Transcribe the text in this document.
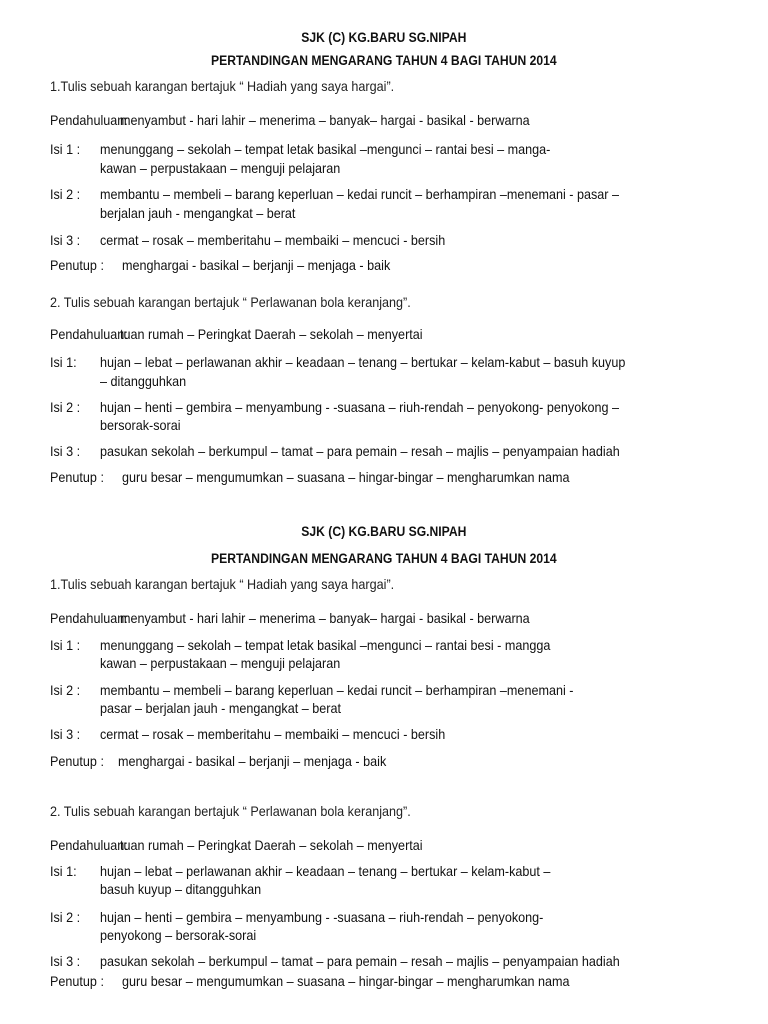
SJK (C) KG.BARU SG.NIPAH
PERTANDINGAN MENGARANG TAHUN 4 BAGI TAHUN 2014
1.Tulis sebuah karangan bertajuk “ Hadiah yang saya hargai”.
Pendahuluan:
menyambut - hari lahir – menerima – banyak– hargai - basikal - berwarna
Isi 1 : menunggang – sekolah – tempat letak basikal –mengunci – rantai besi – manga-
kawan – perpustakaan – menguji pelajaran
Isi 2 : membantu – membeli – barang keperluan – kedai runcit – berhampiran –menemani - pasar –
berjalan jauh - mengangkat – berat
Isi 3 : cermat – rosak – memberitahu – membaiki – mencuci - bersih
Penutup : menghargai - basikal – berjanji – menjaga - baik
2. Tulis sebuah karangan bertajuk “ Perlawanan bola keranjang”.
Pendahuluan:
tuan rumah – Peringkat Daerah – sekolah – menyertai
Isi 1: hujan – lebat – perlawanan akhir – keadaan – tenang – bertukar – kelam-kabut – basuh kuyup
– ditangguhkan
Isi 2 : hujan – henti – gembira – menyambung - -suasana – riuh-rendah – penyokong- penyokong –
bersorak-sorai
Isi 3 : pasukan sekolah – berkumpul – tamat – para pemain – resah – majlis – penyampaian hadiah
Penutup : guru besar – mengumumkan – suasana – hingar-bingar – mengharumkan nama
SJK (C) KG.BARU SG.NIPAH
PERTANDINGAN MENGARANG TAHUN 4 BAGI TAHUN 2014
1.Tulis sebuah karangan bertajuk “ Hadiah yang saya hargai”.
Pendahuluan:
menyambut - hari lahir – menerima – banyak– hargai - basikal - berwarna
Isi 1 : menunggang – sekolah – tempat letak basikal –mengunci – rantai besi - mangga
kawan – perpustakaan – menguji pelajaran
Isi 2 : membantu – membeli – barang keperluan – kedai runcit – berhampiran –menemani -
pasar – berjalan jauh - mengangkat – berat
Isi 3 : cermat – rosak – memberitahu – membaiki – mencuci - bersih
Penutup : menghargai - basikal – berjanji – menjaga - baik
2. Tulis sebuah karangan bertajuk “ Perlawanan bola keranjang”.
Pendahuluan:
tuan rumah – Peringkat Daerah – sekolah – menyertai
Isi 1: hujan – lebat – perlawanan akhir – keadaan – tenang – bertukar – kelam-kabut –
basuh kuyup – ditangguhkan
Isi 2 : hujan – henti – gembira – menyambung - -suasana – riuh-rendah – penyokong-
penyokong – bersorak-sorai
Isi 3 : pasukan sekolah – berkumpul – tamat – para pemain – resah – majlis – penyampaian hadiah
Penutup : guru besar – mengumumkan – suasana – hingar-bingar – mengharumkan nama
